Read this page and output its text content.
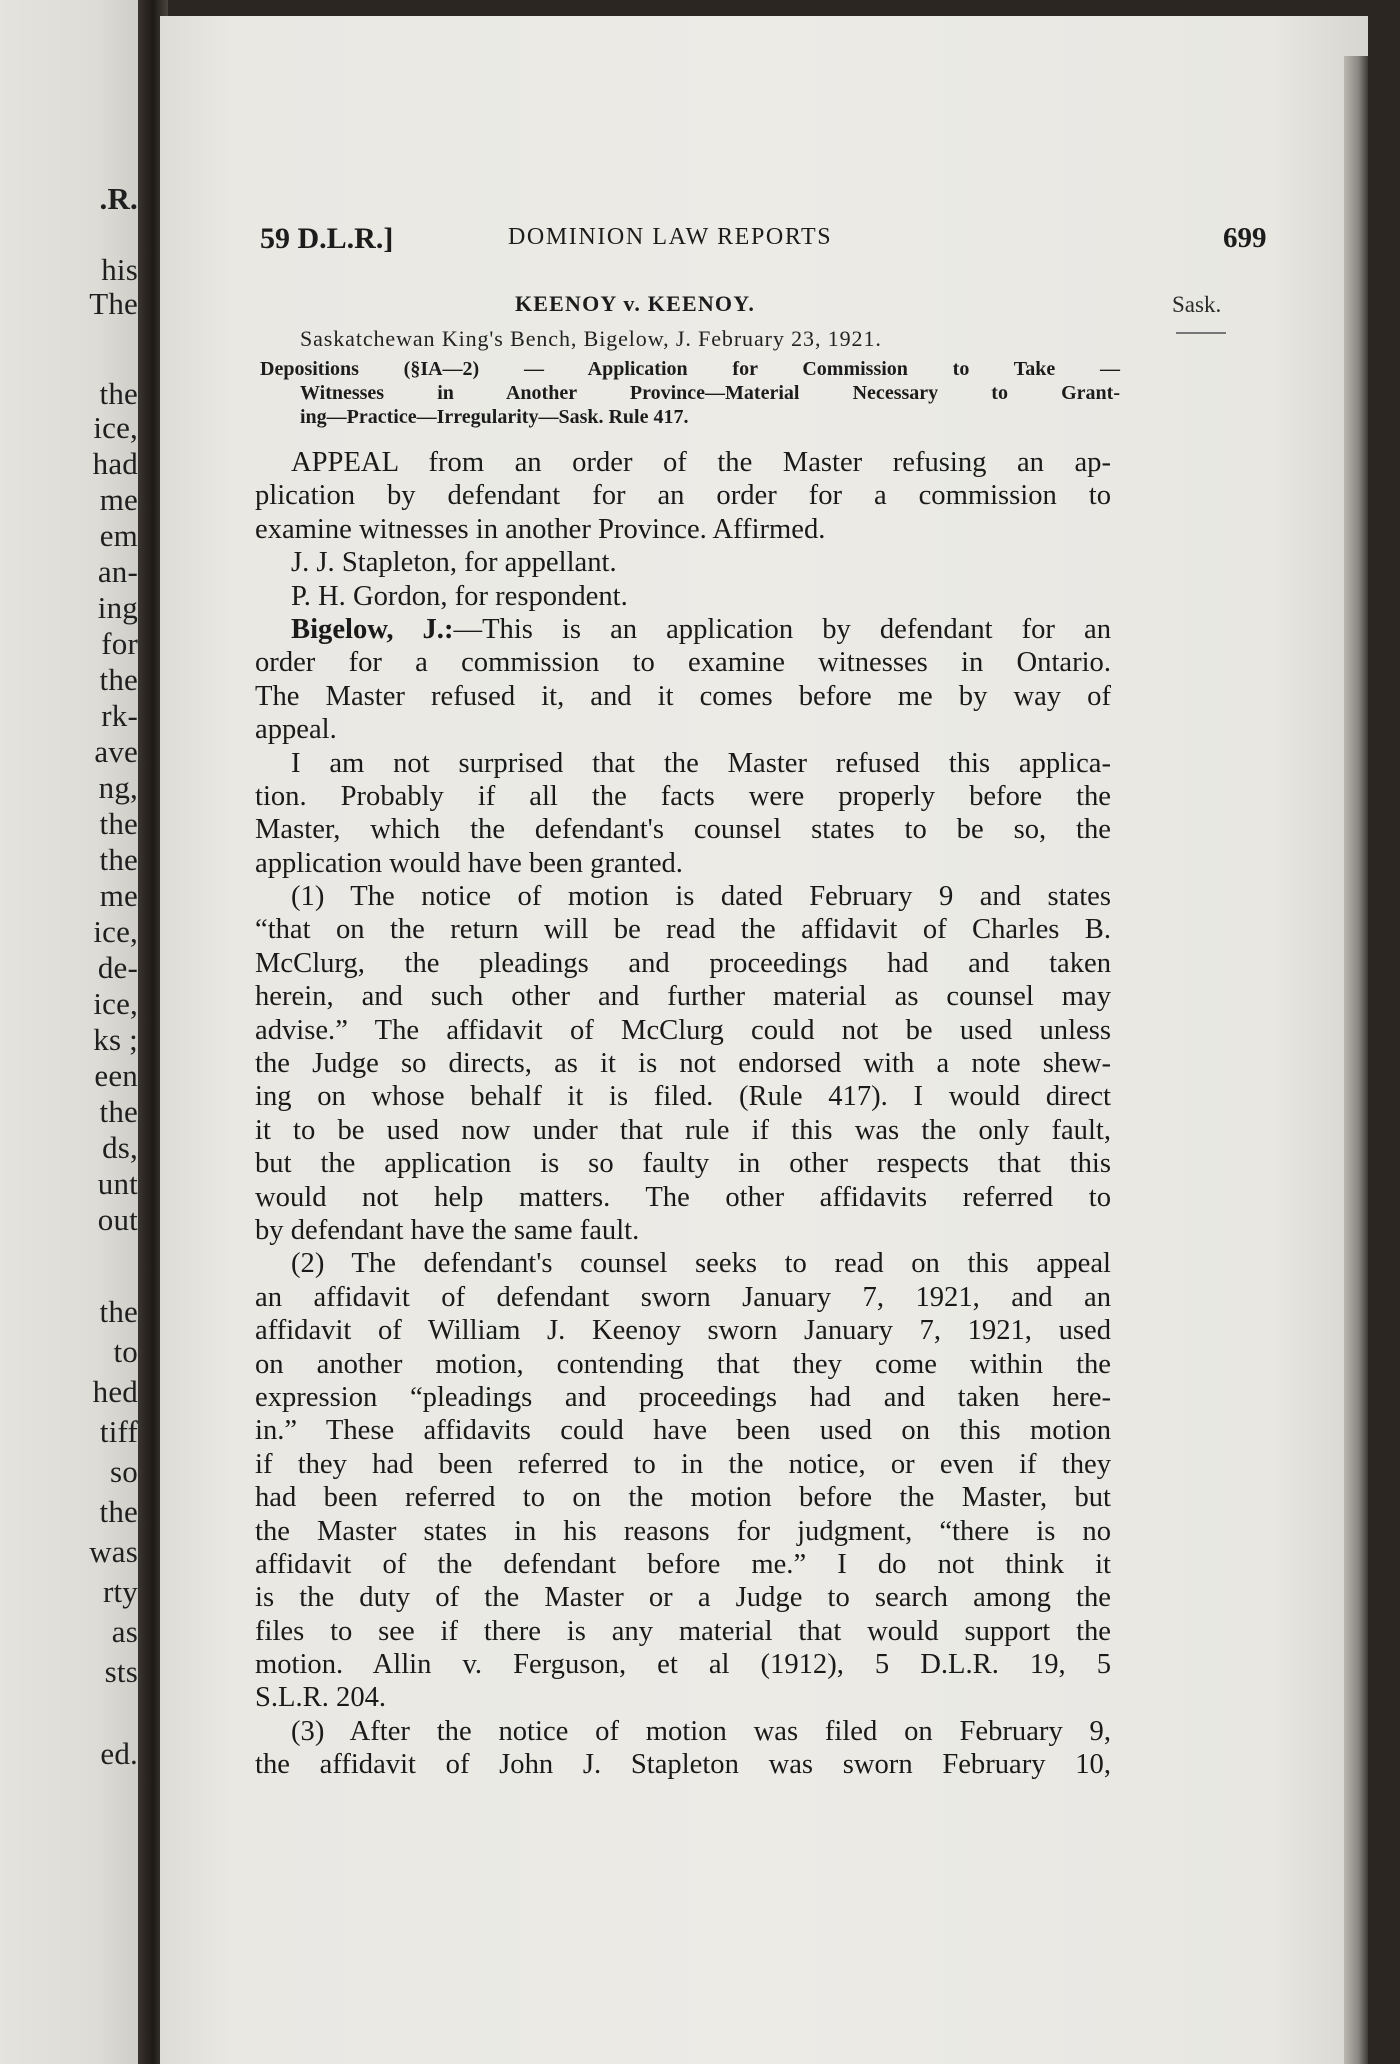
.R.
his
The
the
ice,
had
me
em
an-
ing
for
the
rk-
ave
ng,
the
the
me
ice,
de-
ice,
ks ;
een
the
ds,
unt
out
the
to
hed
tiff
so
the
was
rty
as
sts
ed.
59 D.L.R.]	DOMINION LAW REPORTS	699
Sask.
KEENOY v. KEENOY.
Saskatchewan King's Bench, Bigelow, J. February 23, 1921.
Depositions (§IA—2) — Application for Commission to Take —
Witnesses in Another Province—Material Necessary to Grant-
ing—Practice—Irregularity—Sask. Rule 417.
APPEAL from an order of the Master refusing an ap-
plication by defendant for an order for a commission to
examine witnesses in another Province. Affirmed.
J. J. Stapleton, for appellant.
P. H. Gordon, for respondent.
Bigelow, J.:—This is an application by defendant for an
order for a commission to examine witnesses in Ontario.
The Master refused it, and it comes before me by way of
appeal.
I am not surprised that the Master refused this applica-
tion. Probably if all the facts were properly before the
Master, which the defendant's counsel states to be so, the
application would have been granted.
(1) The notice of motion is dated February 9 and states
“that on the return will be read the affidavit of Charles B.
McClurg, the pleadings and proceedings had and taken
herein, and such other and further material as counsel may
advise.” The affidavit of McClurg could not be used unless
the Judge so directs, as it is not endorsed with a note shew-
ing on whose behalf it is filed. (Rule 417). I would direct
it to be used now under that rule if this was the only fault,
but the application is so faulty in other respects that this
would not help matters. The other affidavits referred to
by defendant have the same fault.
(2) The defendant's counsel seeks to read on this appeal
an affidavit of defendant sworn January 7, 1921, and an
affidavit of William J. Keenoy sworn January 7, 1921, used
on another motion, contending that they come within the
expression “pleadings and proceedings had and taken here-
in.” These affidavits could have been used on this motion
if they had been referred to in the notice, or even if they
had been referred to on the motion before the Master, but
the Master states in his reasons for judgment, “there is no
affidavit of the defendant before me.” I do not think it
is the duty of the Master or a Judge to search among the
files to see if there is any material that would support the
motion. Allin v. Ferguson, et al (1912), 5 D.L.R. 19, 5
S.L.R. 204.
(3) After the notice of motion was filed on February 9,
the affidavit of John J. Stapleton was sworn February 10,
